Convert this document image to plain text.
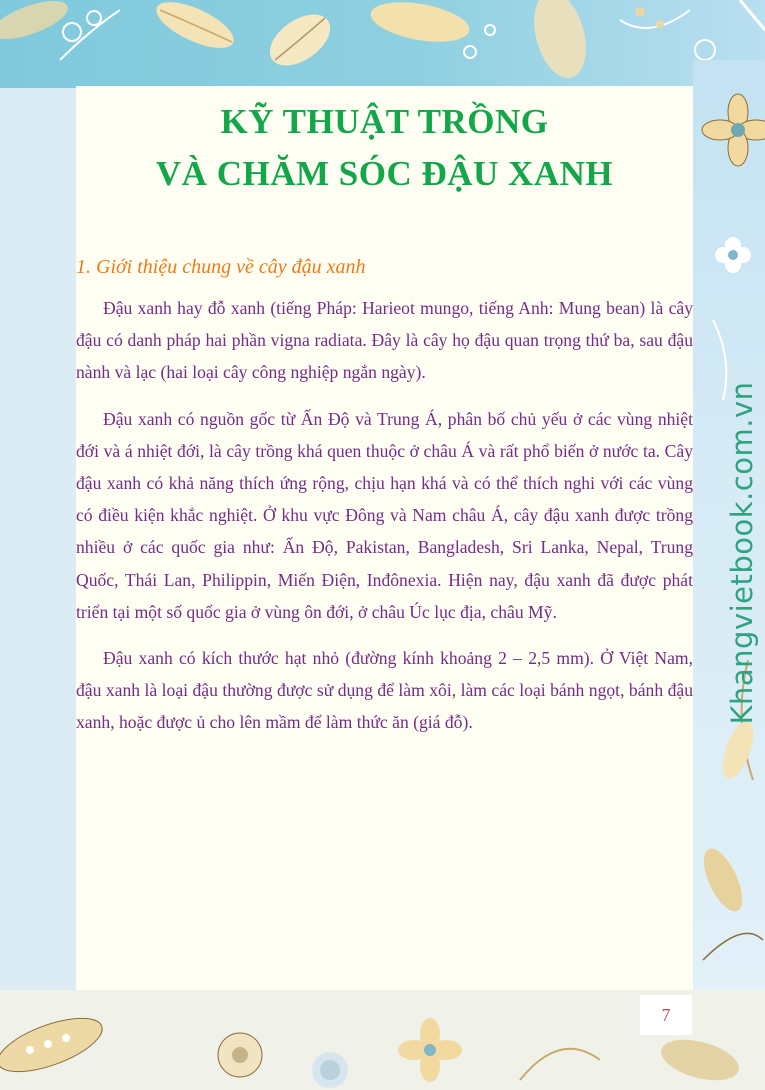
KỸ THUẬT TRỒNG
VÀ CHĂM SÓC ĐẬU XANH
1. Giới thiệu chung về cây đậu xanh

Đậu xanh hay đỗ xanh (tiếng Pháp: Harieot mungo, tiếng Anh: Mung bean) là cây đậu có danh pháp hai phần vigna radiata. Đây là cây họ đậu quan trọng thứ ba, sau đậu nành và lạc (hai loại cây công nghiệp ngắn ngày).

Đậu xanh có nguồn gốc từ Ấn Độ và Trung Á, phân bố chủ yếu ở các vùng nhiệt đới và á nhiệt đới, là cây trồng khá quen thuộc ở châu Á và rất phổ biến ở nước ta. Cây đậu xanh có khả năng thích ứng rộng, chịu hạn khá và có thể thích nghi với các vùng có điều kiện khắc nghiệt. Ở khu vực Đông và Nam châu Á, cây đậu xanh được trồng nhiều ở các quốc gia như: Ấn Độ, Pakistan, Bangladesh, Sri Lanka, Nepal, Trung Quốc, Thái Lan, Philippin, Miến Điện, Inđônexia. Hiện nay, đậu xanh đã được phát triển tại một số quốc gia ở vùng ôn đới, ở châu Úc lục địa, châu Mỹ.

Đậu xanh có kích thước hạt nhỏ (đường kính khoảng 2 – 2,5 mm). Ở Việt Nam, đậu xanh là loại đậu thường được sử dụng để làm xôi, làm các loại bánh ngọt, bánh đậu xanh, hoặc được ủ cho lên mầm để làm thức ăn (giá đỗ).	Khangvietbook.com.vn
7
